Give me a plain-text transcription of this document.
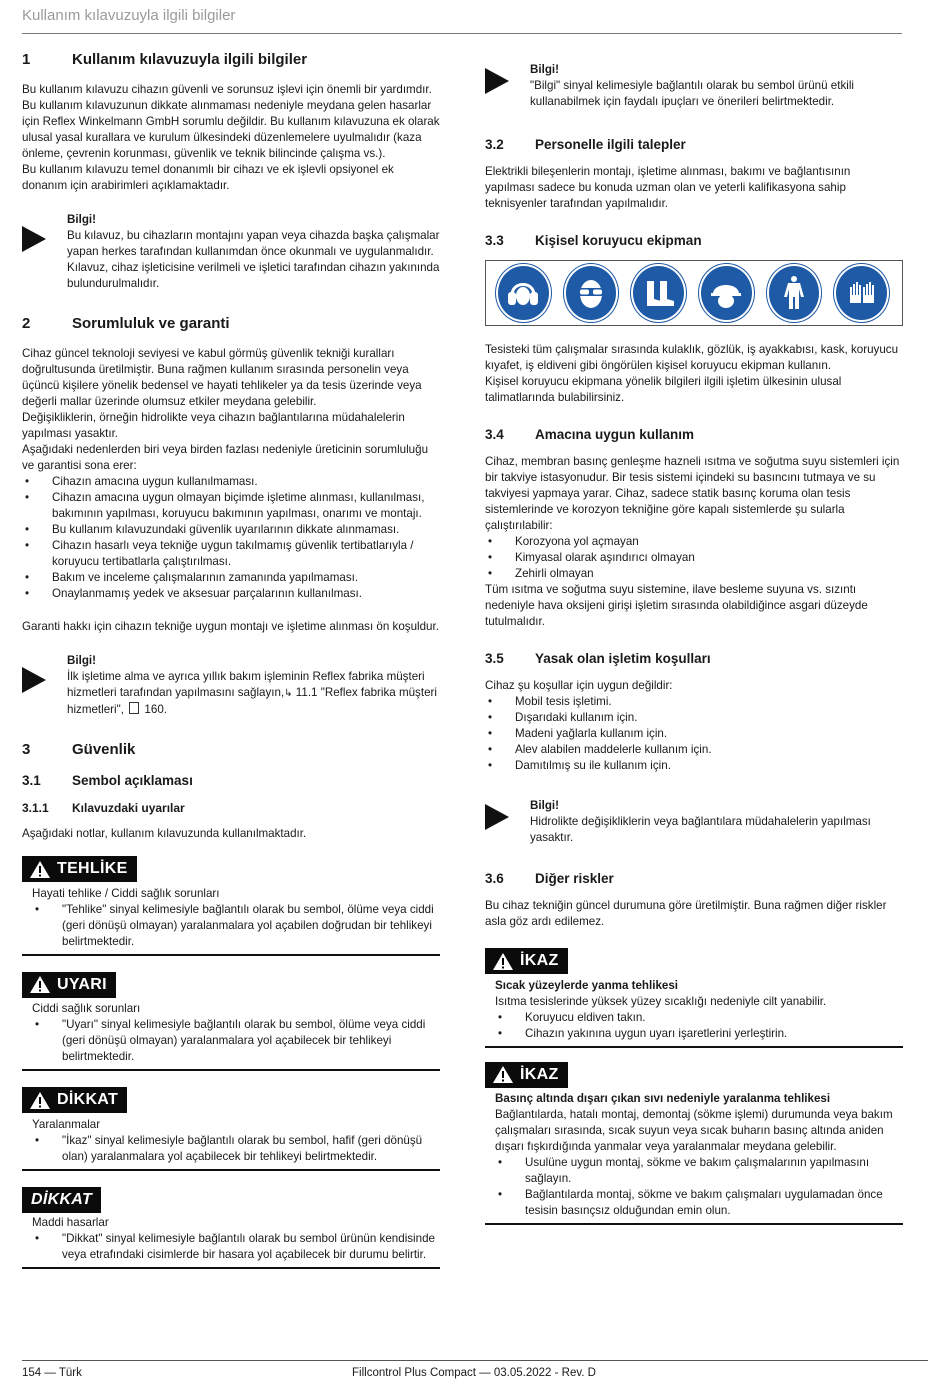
Kullanım kılavuzuyla ilgili bilgiler
1	Kullanım kılavuzuyla ilgili bilgiler

Bu kullanım kılavuzu cihazın güvenli ve sorunsuz işlevi için önemli bir yardımdır.

Bu kullanım kılavuzunun dikkate alınmaması nedeniyle meydana gelen hasarlar için Reflex Winkelmann GmbH sorumlu değildir. Bu kullanım kılavuzuna ek olarak ulusal yasal kurallara ve kurulum ülkesindeki düzenlemelere uyulmalıdır (kaza önleme, çevrenin korunması, güvenlik ve teknik bilincinde çalışma vs.).

Bu kullanım kılavuzu temel donanımlı bir cihazı ve ek işlevli opsiyonel ek donanım için arabirimleri açıklamaktadır.

Bilgi!
Bu kılavuz, bu cihazların montajını yapan veya cihazda başka çalışmalar yapan herkes tarafından kullanımdan önce okunmalı ve uygulanmalıdır. Kılavuz, cihaz işleticisine verilmeli ve işletici tarafından cihazın yakınında bulundurulmalıdır.
2	Sorumluluk ve garanti

Cihaz güncel teknoloji seviyesi ve kabul görmüş güvenlik tekniği kuralları doğrultusunda üretilmiştir. Buna rağmen kullanım sırasında personelin veya üçüncü kişilere yönelik bedensel ve hayati tehlikeler ya da tesis üzerinde veya değerli mallar üzerinde olumsuz etkiler meydana gelebilir.

Değişikliklerin, örneğin hidrolikte veya cihazın bağlantılarına müdahalelerin yapılması yasaktır.

Aşağıdaki nedenlerden biri veya birden fazlası nedeniyle üreticinin sorumluluğu ve garantisi sona erer:

• Cihazın amacına uygun kullanılmaması.
• Cihazın amacına uygun olmayan biçimde işletime alınması, kullanılması, bakımının yapılması, koruyucu bakımının yapılması, onarımı ve montajı.
• Bu kullanım kılavuzundaki güvenlik uyarılarının dikkate alınmaması.
• Cihazın hasarlı veya tekniğe uygun takılmamış güvenlik tertibatlarıyla / koruyucu tertibatlarla çalıştırılması.
• Bakım ve inceleme çalışmalarının zamanında yapılmaması.
• Onaylanmamış yedek ve aksesuar parçalarının kullanılması.

Garanti hakkı için cihazın tekniğe uygun montajı ve işletime alınması ön koşuldur.

Bilgi!
İlk işletime alma ve ayrıca yıllık bakım işleminin Reflex fabrika müşteri hizmetleri tarafından yapılmasını sağlayın,↳ 11.1 "Reflex fabrika müşteri hizmetleri", 160.
3	Güvenlik
3.1	Sembol açıklaması
3.1.1	Kılavuzdaki uyarılar

Aşağıdaki notlar, kullanım kılavuzunda kullanılmaktadır.

TEHLİKE
Hayati tehlike / Ciddi sağlık sorunları
• "Tehlike" sinyal kelimesiyle bağlantılı olarak bu sembol, ölüme veya ciddi (geri dönüşü olmayan) yaralanmalara yol açabilen doğrudan bir tehlikeyi belirtmektedir.
UYARI
Ciddi sağlık sorunları
• "Uyarı" sinyal kelimesiyle bağlantılı olarak bu sembol, ölüme veya ciddi (geri dönüşü olmayan) yaralanmalara yol açabilecek bir tehlikeyi belirtmektedir.
DİKKAT
Yaralanmalar
• "İkaz" sinyal kelimesiyle bağlantılı olarak bu sembol, hafif (geri dönüşü olan) yaralanmalara yol açabilecek bir tehlikeyi belirtmektedir.
DİKKAT
Maddi hasarlar
• "Dikkat" sinyal kelimesiyle bağlantılı olarak bu sembol ürünün kendisinde veya etrafındaki cisimlerde bir hasara yol açabilecek bir durumu belirtir.
Bilgi!
"Bilgi" sinyal kelimesiyle bağlantılı olarak bu sembol ürünü etkili kullanabilmek için faydalı ipuçları ve önerileri belirtmektedir.
3.2	Personelle ilgili talepler

Elektrikli bileşenlerin montajı, işletime alınması, bakımı ve bağlantısının yapılması sadece bu konuda uzman olan ve yeterli kalifikasyona sahip teknisyenler tarafından yapılmalıdır.

3.3	Kişisel koruyucu ekipman

Tesisteki tüm çalışmalar sırasında kulaklık, gözlük, iş ayakkabısı, kask, koruyucu kıyafet, iş eldiveni gibi öngörülen kişisel koruyucu ekipman kullanın.

Kişisel koruyucu ekipmana yönelik bilgileri ilgili işletim ülkesinin ulusal talimatlarında bulabilirsiniz.

3.4	Amacına uygun kullanım

Cihaz, membran basınç genleşme hazneli ısıtma ve soğutma suyu sistemleri için bir takviye istasyonudur. Bir tesis sistemi içindeki su basıncını tutmaya ve su takviyesi yapmaya yarar. Cihaz, sadece statik basınç koruma olan tesis sistemlerinde ve korozyon tekniğine göre kapalı sistemlerde şu sularla çalıştırılabilir:

• Korozyona yol açmayan
• Kimyasal olarak aşındırıcı olmayan
• Zehirli olmayan

Tüm ısıtma ve soğutma suyu sistemine, ilave besleme suyuna vs. sızıntı nedeniyle hava oksijeni girişi işletim sırasında olabildiğince asgari düzeyde tutulmalıdır.

3.5	Yasak olan işletim koşulları

Cihaz şu koşullar için uygun değildir:

• Mobil tesis işletimi.
• Dışarıdaki kullanım için.
• Madeni yağlarla kullanım için.
• Alev alabilen maddelerle kullanım için.
• Damıtılmış su ile kullanım için.
Bilgi!
Hidrolikte değişikliklerin veya bağlantılara müdahalelerin yapılması yasaktır.
3.6	Diğer riskler

Bu cihaz tekniğin güncel durumuna göre üretilmiştir. Buna rağmen diğer riskler asla göz ardı edilemez.

İKAZ
Sıcak yüzeylerde yanma tehlikesi
Isıtma tesislerinde yüksek yüzey sıcaklığı nedeniyle cilt yanabilir.
• Koruyucu eldiven takın.
• Cihazın yakınına uygun uyarı işaretlerini yerleştirin.
İKAZ
Basınç altında dışarı çıkan sıvı nedeniyle yaralanma tehlikesi
Bağlantılarda, hatalı montaj, demontaj (sökme işlemi) durumunda veya bakım çalışmaları sırasında, sıcak suyun veya sıcak buharın basınç altında aniden dışarı fışkırdığında yanmalar veya yaralanmalar meydana gelebilir.
• Usulüne uygun montaj, sökme ve bakım çalışmalarının yapılmasını sağlayın.
• Bağlantılarda montaj, sökme ve bakım çalışmaları uygulamadan önce tesisin basınçsız olduğundan emin olun.
154 — Türk	Fillcontrol Plus Compact — 03.05.2022 - Rev. D
